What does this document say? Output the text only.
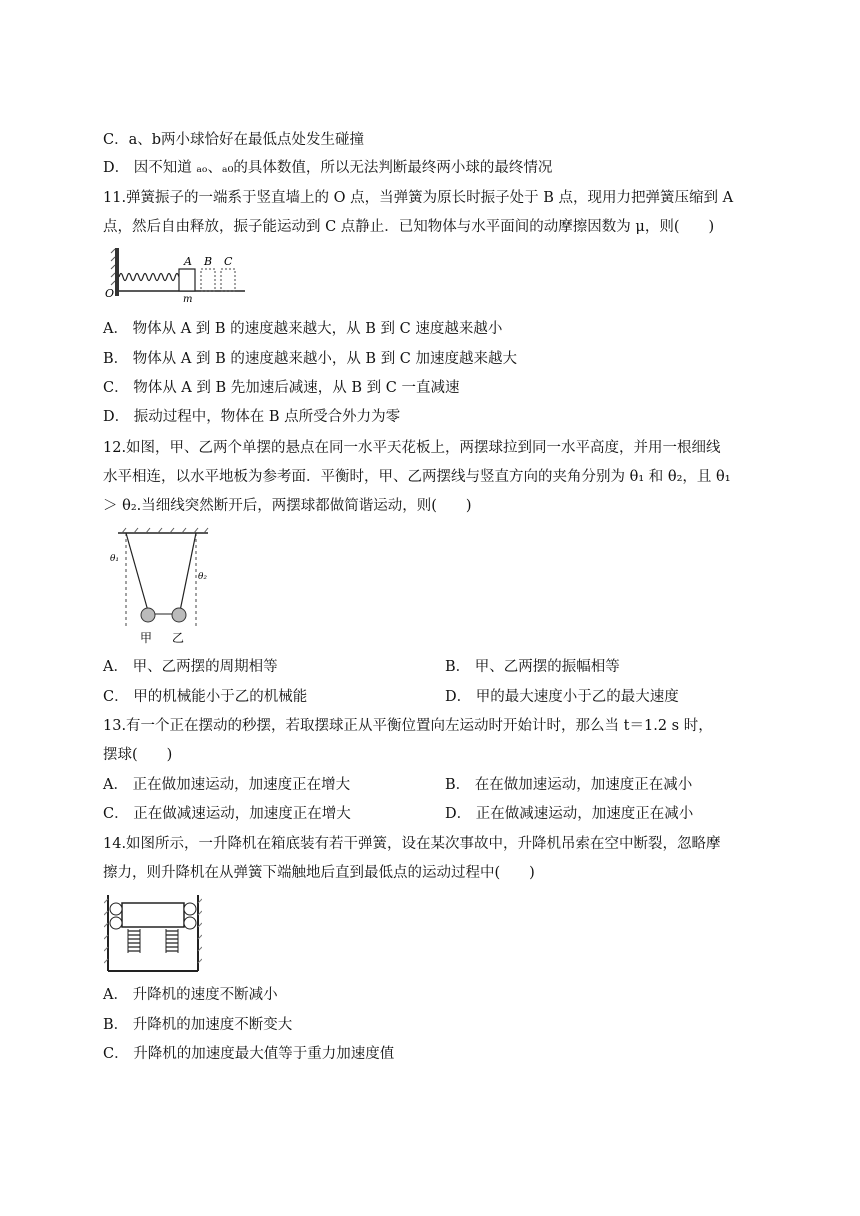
C．a、b两小球恰好在最低点处发生碰撞
D． 因不知道 ₐₒ、ₐ₀的具体数值，所以无法判断最终两小球的最终情况
11.弹簧振子的一端系于竖直墙上的 O 点，当弹簧为原长时振子处于 B 点，现用力把弹簧压缩到 A
点，然后自由释放，振子能运动到 C 点静止．已知物体与水平面间的动摩擦因数为 μ，则(　　)
A B C
O	m
A． 物体从 A 到 B 的速度越来越大，从 B 到 C 速度越来越小
B． 物体从 A 到 B 的速度越来越小，从 B 到 C 加速度越来越大
C． 物体从 A 到 B 先加速后减速，从 B 到 C 一直减速
D． 振动过程中，物体在 B 点所受合外力为零
12.如图，甲、乙两个单摆的悬点在同一水平天花板上，两摆球拉到同一水平高度，并用一根细线
水平相连，以水平地板为参考面．平衡时，甲、乙两摆线与竖直方向的夹角分别为 θ₁ 和 θ₂，且 θ₁
＞ θ₂.当细线突然断开后，两摆球都做简谐运动，则(　　)
θ₁
θ₂
甲 乙
A． 甲、乙两摆的周期相等	B． 甲、乙两摆的振幅相等
C． 甲的机械能小于乙的机械能	D． 甲的最大速度小于乙的最大速度
13.有一个正在摆动的秒摆，若取摆球正从平衡位置向左运动时开始计时，那么当 t＝1.2 s 时，
摆球(　　)
A． 正在做加速运动，加速度正在增大	B． 在在做加速运动，加速度正在减小
C． 正在做减速运动，加速度正在增大	D． 正在做减速运动，加速度正在减小
14.如图所示，一升降机在箱底装有若干弹簧，设在某次事故中，升降机吊索在空中断裂，忽略摩
擦力，则升降机在从弹簧下端触地后直到最低点的运动过程中(　　)
A． 升降机的速度不断减小
B． 升降机的加速度不断变大
C． 升降机的加速度最大值等于重力加速度值
